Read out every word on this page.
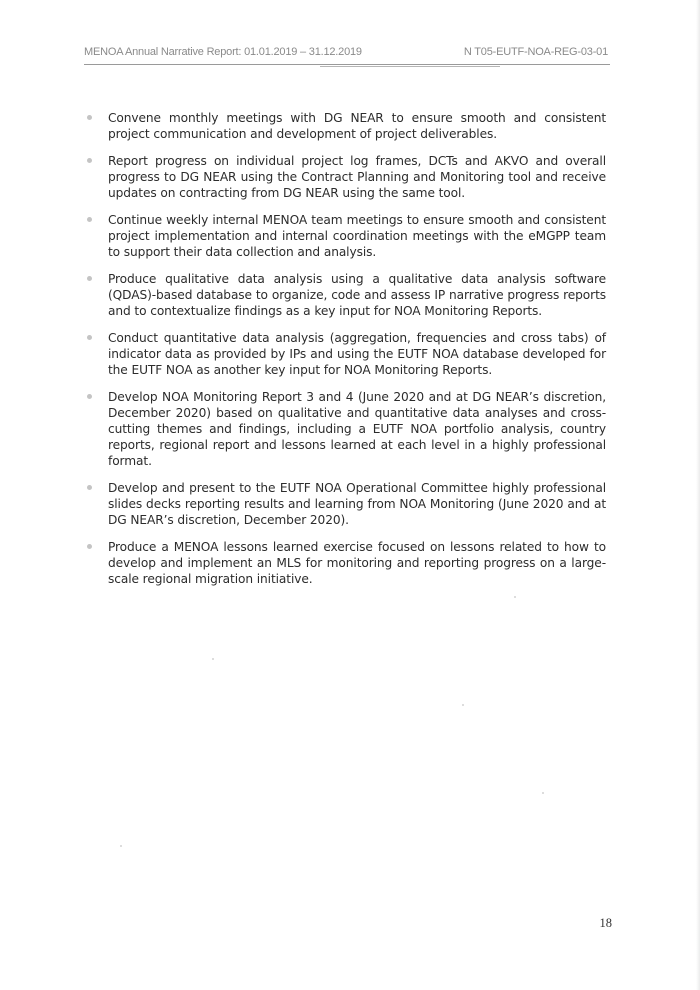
MENOA Annual Narrative Report: 01.01.2019 – 31.12.2019	N T05-EUTF-NOA-REG-03-01
Convene monthly meetings with DG NEAR to ensure smooth and consistent project communication and development of project deliverables.
Report progress on individual project log frames, DCTs and AKVO and overall progress to DG NEAR using the Contract Planning and Monitoring tool and receive updates on contracting from DG NEAR using the same tool.
Continue weekly internal MENOA team meetings to ensure smooth and consistent project implementation and internal coordination meetings with the eMGPP team to support their data collection and analysis.
Produce qualitative data analysis using a qualitative data analysis software (QDAS)-based database to organize, code and assess IP narrative progress reports and to contextualize findings as a key input for NOA Monitoring Reports.
Conduct quantitative data analysis (aggregation, frequencies and cross tabs) of indicator data as provided by IPs and using the EUTF NOA database developed for the EUTF NOA as another key input for NOA Monitoring Reports.
Develop NOA Monitoring Report 3 and 4 (June 2020 and at DG NEAR’s discretion, December 2020) based on qualitative and quantitative data analyses and cross-cutting themes and findings, including a EUTF NOA portfolio analysis, country reports, regional report and lessons learned at each level in a highly professional format.
Develop and present to the EUTF NOA Operational Committee highly professional slides decks reporting results and learning from NOA Monitoring (June 2020 and at DG NEAR’s discretion, December 2020).
Produce a MENOA lessons learned exercise focused on lessons related to how to develop and implement an MLS for monitoring and reporting progress on a large-scale regional migration initiative.
18
